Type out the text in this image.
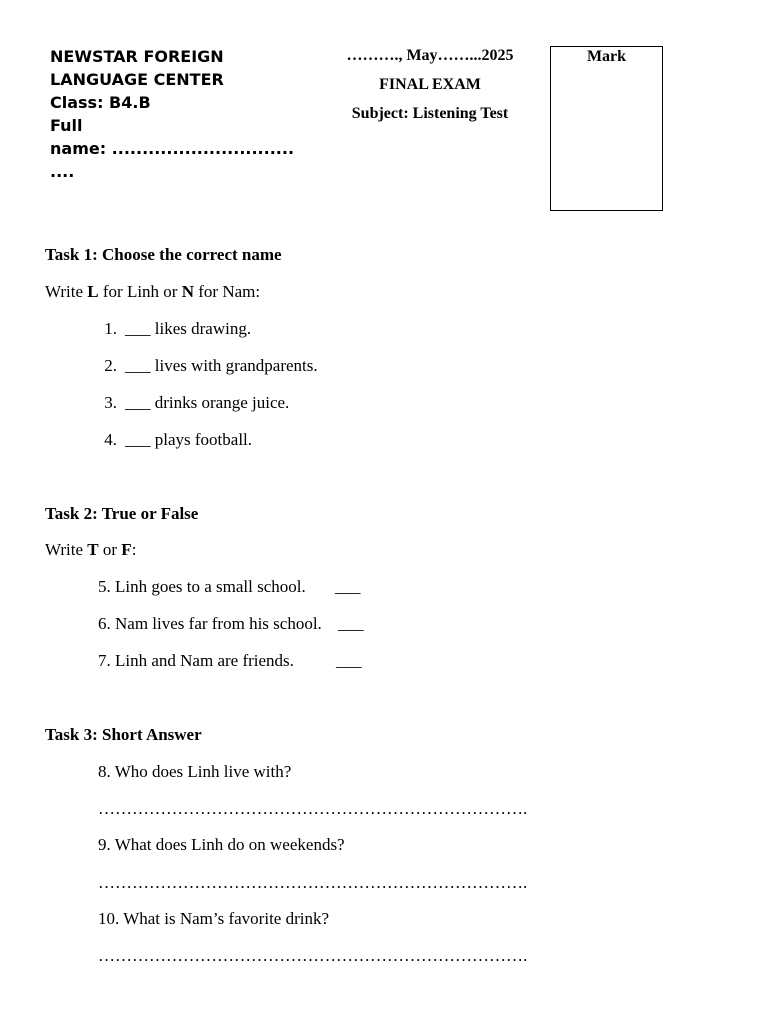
NEWSTAR FOREIGN
LANGUAGE CENTER
Class: B4.B
Full
name: ..............................
....
………., May……...2025
FINAL EXAM
Subject: Listening Test
Mark
Task 1: Choose the correct name
Write L for Linh or N for Nam:
1. ___ likes drawing.
2. ___ lives with grandparents.
3. ___ drinks orange juice.
4. ___ plays football.
Task 2: True or False
Write T or F:
5. Linh goes to a small school. ___
6. Nam lives far from his school. ___
7. Linh and Nam are friends. ___
Task 3: Short Answer
8. Who does Linh live with?
………………………………………………………………….
9. What does Linh do on weekends?
………………………………………………………………….
10. What is Nam’s favorite drink?
………………………………………………………………….
